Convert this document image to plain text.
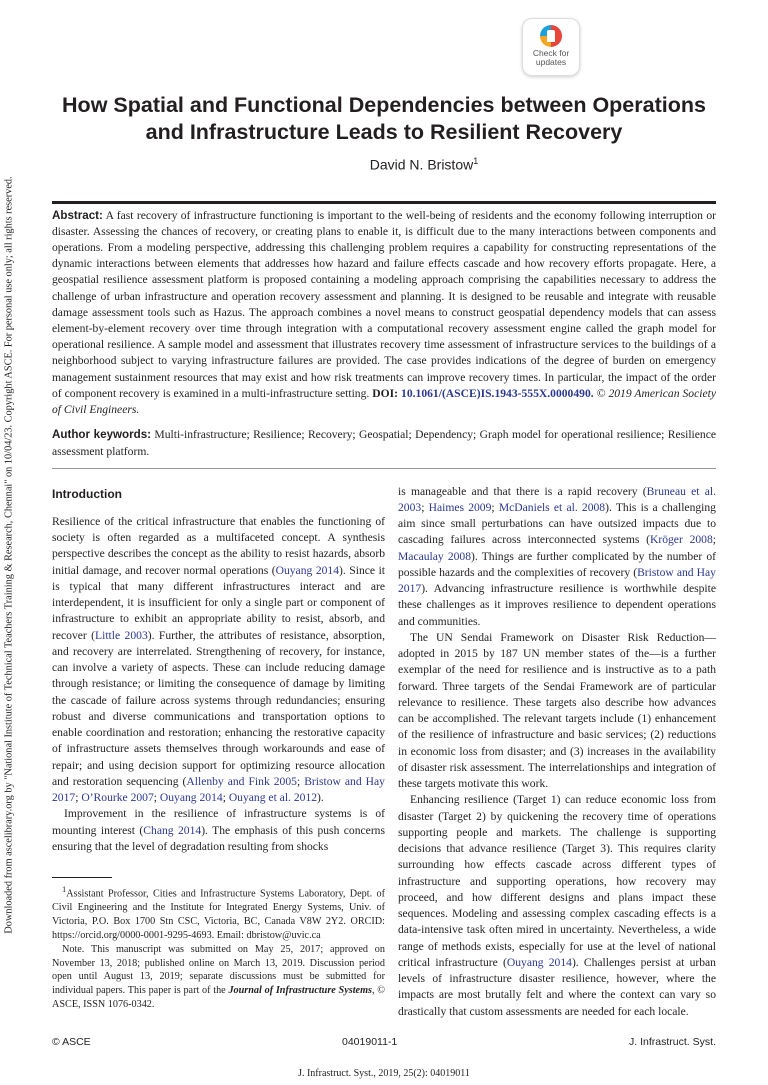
Downloaded from ascelibrary.org by "National Institute of Technical Teachers Training & Research, Chennai" on 10/04/23. Copyright ASCE. For personal use only; all rights reserved.
Check for
updates
How Spatial and Functional Dependencies between Operations and Infrastructure Leads to Resilient Recovery
David N. Bristow$^1$
Abstract: A fast recovery of infrastructure functioning is important to the well-being of residents and the economy following interruption or disaster. Assessing the chances of recovery, or creating plans to enable it, is difficult due to the many interactions between components and operations. From a modeling perspective, addressing this challenging problem requires a capability for constructing representations of the dynamic interactions between elements that addresses how hazard and failure effects cascade and how recovery efforts propagate. Here, a geospatial resilience assessment platform is proposed containing a modeling approach comprising the capabilities necessary to address the challenge of urban infrastructure and operation recovery assessment and planning. It is designed to be reusable and integrate with reusable damage assessment tools such as Hazus. The approach combines a novel means to construct geospatial dependency models that can assess element-by-element recovery over time through integration with a computational recovery assessment engine called the graph model for operational resilience. A sample model and assessment that illustrates recovery time assessment of infrastructure services to the buildings of a neighborhood subject to varying infrastructure failures are provided. The case provides indications of the degree of burden on emergency management sustainment resources that may exist and how risk treatments can improve recovery times. In particular, the impact of the order of component recovery is examined in a multi-infrastructure setting. DOI: 10.1061/(ASCE)IS.1943-555X.0000490. © 2019 American Society of Civil Engineers.
Author keywords: Multi-infrastructure; Resilience; Recovery; Geospatial; Dependency; Graph model for operational resilience; Resilience assessment platform.
Introduction

Resilience of the critical infrastructure that enables the functioning of society is often regarded as a multifaceted concept. A synthesis perspective describes the concept as the ability to resist hazards, absorb initial damage, and recover normal operations (Ouyang 2014). Since it is typical that many different infrastructures interact and are interdependent, it is insufficient for only a single part or component of infrastructure to exhibit an appropriate ability to resist, absorb, and recover (Little 2003). Further, the attributes of resistance, absorption, and recovery are interrelated. Strengthening of recovery, for instance, can involve a variety of aspects. These can include reducing damage through resistance; or limiting the consequence of damage by limiting the cascade of failure across systems through redundancies; ensuring robust and diverse communications and transportation options to enable coordination and restoration; enhancing the restorative capacity of infrastructure assets themselves through workarounds and ease of repair; and using decision support for optimizing resource allocation and restoration sequencing (Allenby and Fink 2005; Bristow and Hay 2017; O’Rourke 2007; Ouyang 2014; Ouyang et al. 2012).

Improvement in the resilience of infrastructure systems is of mounting interest (Chang 2014). The emphasis of this push concerns ensuring that the level of degradation resulting from shocks

$^1$Assistant Professor, Cities and Infrastructure Systems Laboratory, Dept. of Civil Engineering and the Institute for Integrated Energy Systems, Univ. of Victoria, P.O. Box 1700 Stn CSC, Victoria, BC, Canada V8W 2Y2. ORCID: https://orcid.org/0000-0001-9295-4693. Email: dbristow@uvic.ca

Note. This manuscript was submitted on May 25, 2017; approved on November 13, 2018; published online on March 13, 2019. Discussion period open until August 13, 2019; separate discussions must be submitted for individual papers. This paper is part of the Journal of Infrastructure Systems, © ASCE, ISSN 1076-0342.

is manageable and that there is a rapid recovery (Bruneau et al. 2003; Haimes 2009; McDaniels et al. 2008). This is a challenging aim since small perturbations can have outsized impacts due to cascading failures across interconnected systems (Kröger 2008; Macaulay 2008). Things are further complicated by the number of possible hazards and the complexities of recovery (Bristow and Hay 2017). Advancing infrastructure resilience is worthwhile despite these challenges as it improves resilience to dependent operations and communities.

The UN Sendai Framework on Disaster Risk Reduction—adopted in 2015 by 187 UN member states of the—is a further exemplar of the need for resilience and is instructive as to a path forward. Three targets of the Sendai Framework are of particular relevance to resilience. These targets also describe how advances can be accomplished. The relevant targets include (1) enhancement of the resilience of infrastructure and basic services; (2) reductions in economic loss from disaster; and (3) increases in the availability of disaster risk assessment. The interrelationships and integration of these targets motivate this work.

Enhancing resilience (Target 1) can reduce economic loss from disaster (Target 2) by quickening the recovery time of operations supporting people and markets. The challenge is supporting decisions that advance resilience (Target 3). This requires clarity surrounding how effects cascade across different types of infrastructure and supporting operations, how recovery may proceed, and how different designs and plans impact these sequences. Modeling and assessing complex cascading effects is a data-intensive task often mired in uncertainty. Nevertheless, a wide range of methods exists, especially for use at the level of national critical infrastructure (Ouyang 2014). Challenges persist at urban levels of infrastructure disaster resilience, however, where the impacts are most brutally felt and where the context can vary so drastically that custom assessments are needed for each locale.

© ASCE	04019011-1	J. Infrastruct. Syst.
J. Infrastruct. Syst., 2019, 25(2): 04019011
